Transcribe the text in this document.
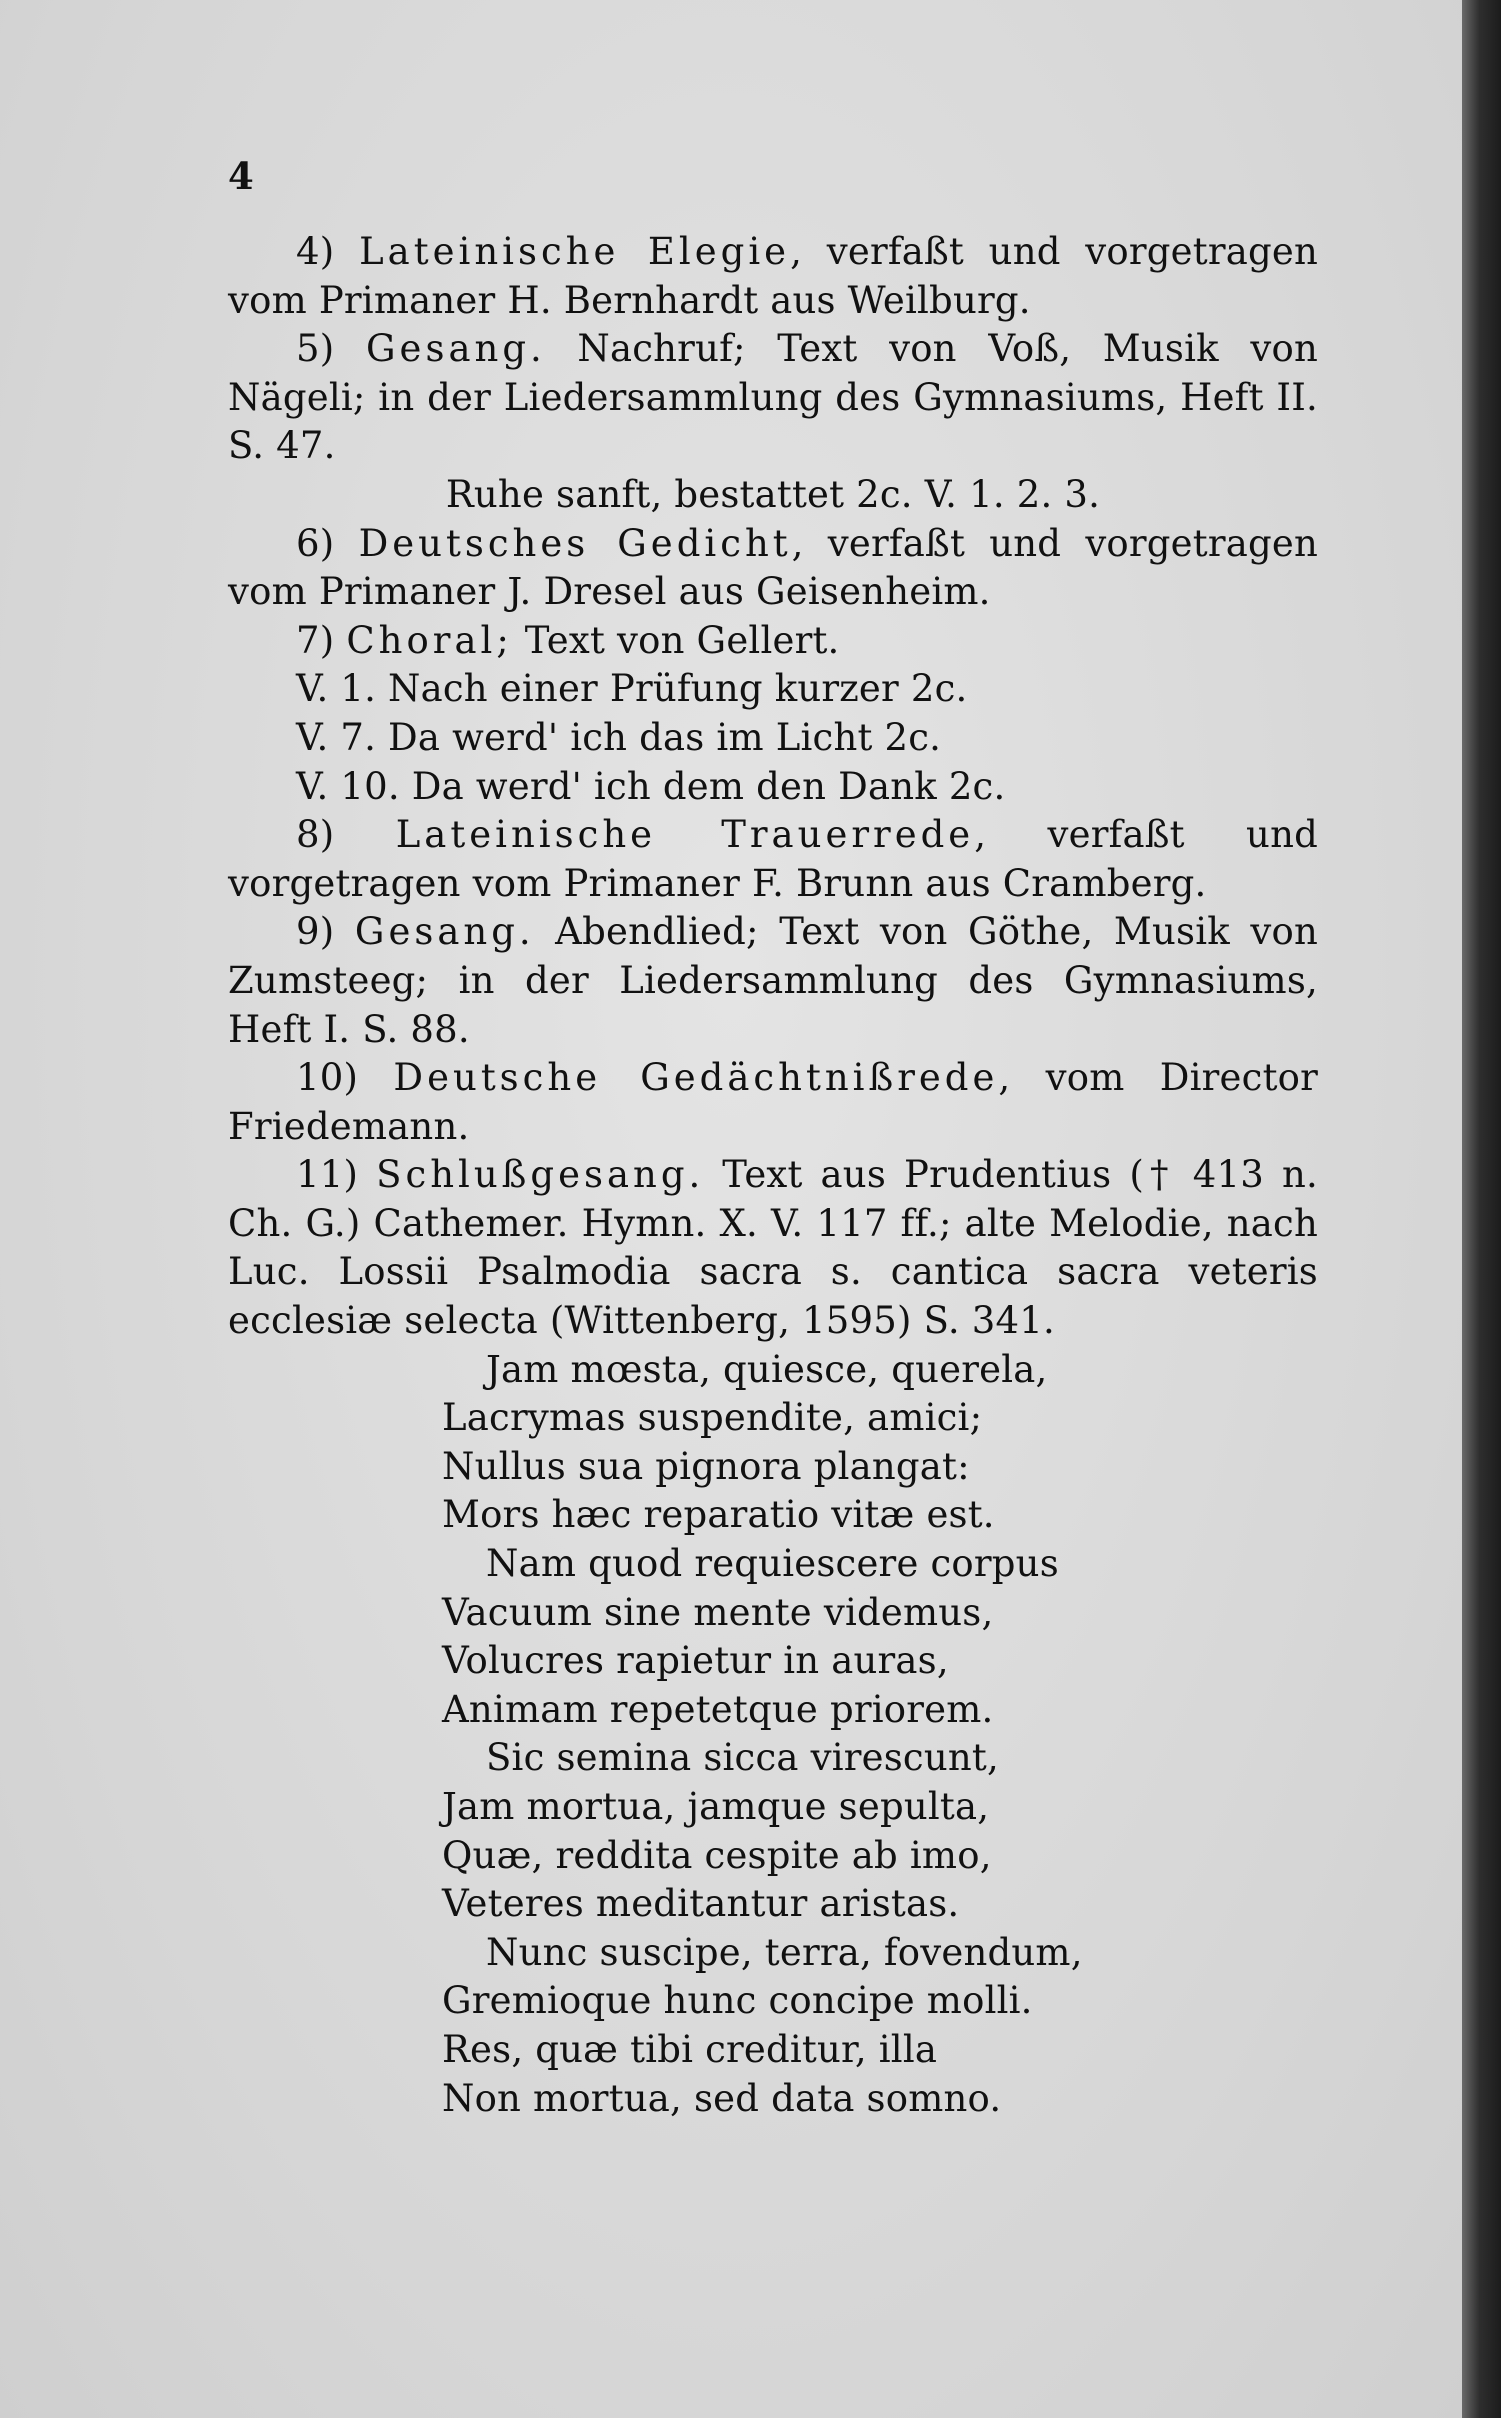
4

4) Lateinische Elegie, verfaßt und vorgetragen vom Primaner H. Bernhardt aus Weilburg.

5) Gesang. Nachruf; Text von Voß, Musik von Nägeli; in der Liedersammlung des Gymnasiums, Heft II. S. 47.

Ruhe sanft, bestattet 2c. V. 1. 2. 3.

6) Deutsches Gedicht, verfaßt und vorgetragen vom Primaner J. Dresel aus Geisenheim.

7) Choral; Text von Gellert.

V. 1. Nach einer Prüfung kurzer 2c.

V. 7. Da werd' ich das im Licht 2c.

V. 10. Da werd' ich dem den Dank 2c.

8) Lateinische Trauerrede, verfaßt und vorgetragen vom Primaner F. Brunn aus Cramberg.

9) Gesang. Abendlied; Text von Göthe, Musik von Zumsteeg; in der Liedersammlung des Gymnasiums, Heft I. S. 88.

10) Deutsche Gedächtnißrede, vom Director Friedemann.

11) Schlußgesang. Text aus Prudentius († 413 n. Ch. G.) Cathemer. Hymn. X. V. 117 ff.; alte Melodie, nach Luc. Lossii Psalmodia sacra s. cantica sacra veteris ecclesiæ selecta (Wittenberg, 1595) S. 341.

Jam mœsta, quiesce, querela,

Lacrymas suspendite, amici;

Nullus sua pignora plangat:

Mors hæc reparatio vitæ est.

Nam quod requiescere corpus

Vacuum sine mente videmus,

Volucres rapietur in auras,

Animam repetetque priorem.

Sic semina sicca virescunt,

Jam mortua, jamque sepulta,

Quæ, reddita cespite ab imo,

Veteres meditantur aristas.

Nunc suscipe, terra, fovendum,

Gremioque hunc concipe molli.

Res, quæ tibi creditur, illa

Non mortua, sed data somno.
